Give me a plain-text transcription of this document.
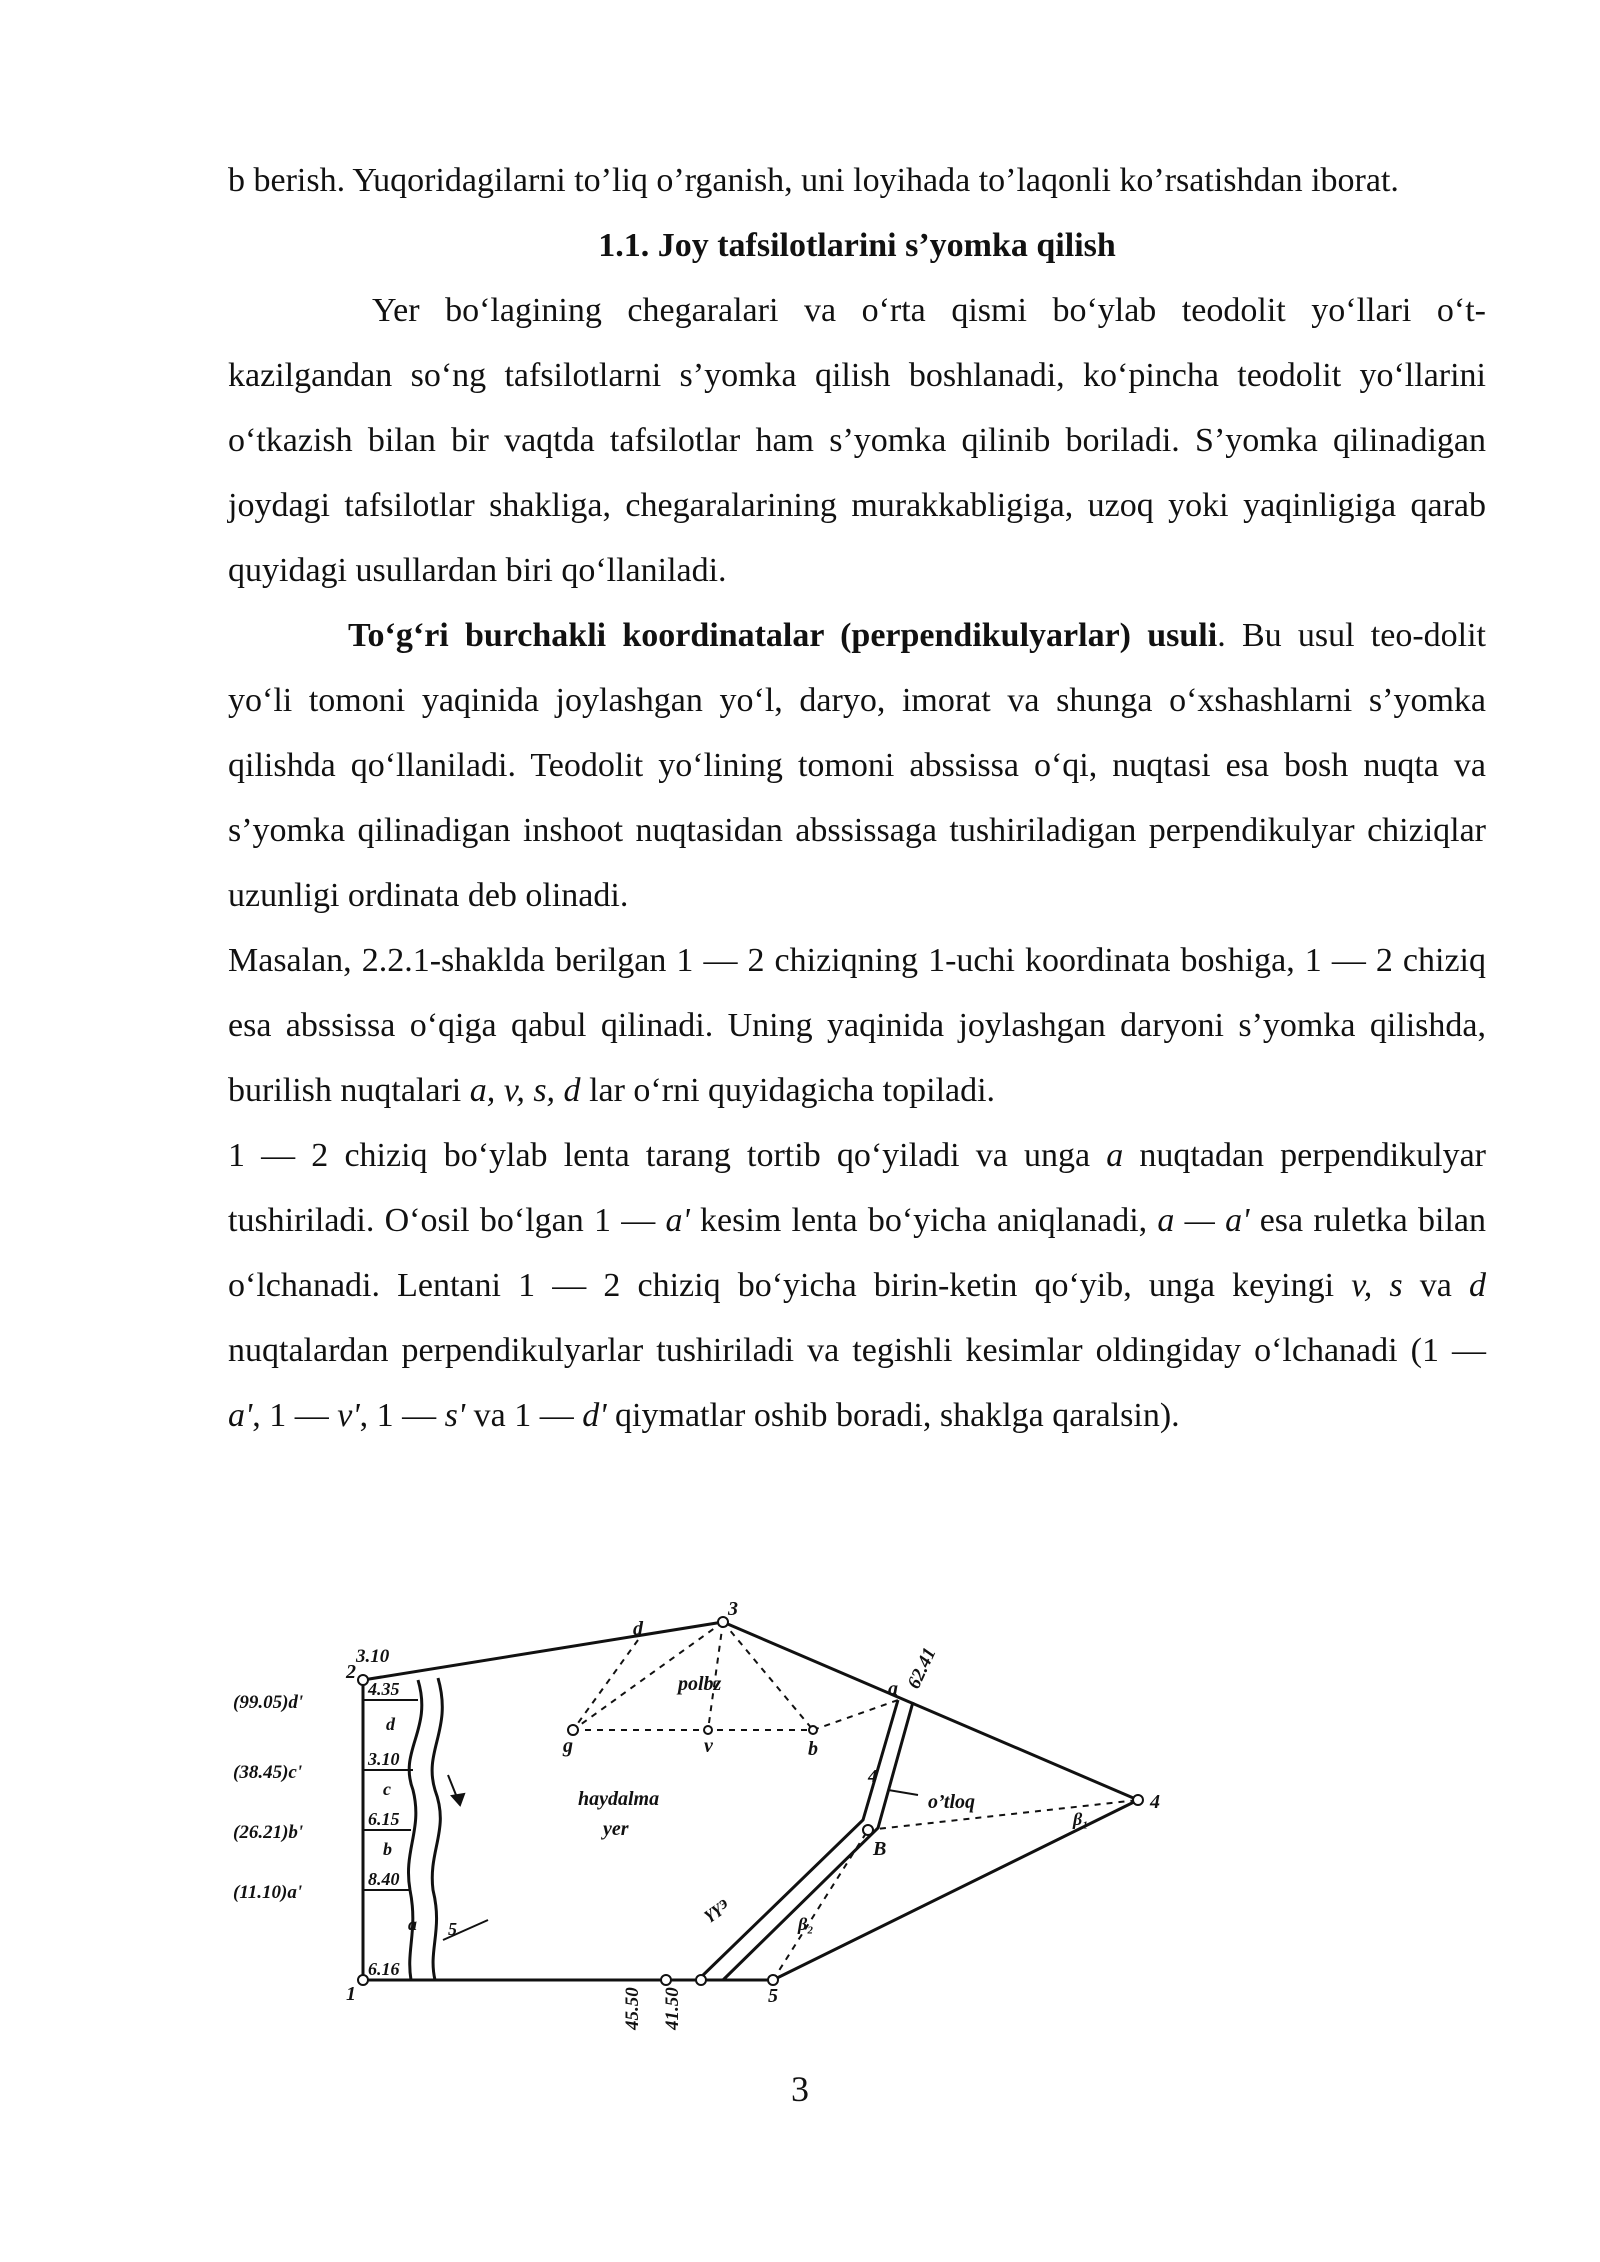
b berish. Yuqoridagilarni to’liq o’rganish, uni loyihada to’laqonli ko’rsatishdan iborat.

1.1. Joy tafsilotlarini s’yomka qilish

Yer bo‘lagining chegaralari va o‘rta qismi bo‘ylab teodolit yo‘llari o‘t-kazilgandan so‘ng tafsilotlarni s’yomka qilish boshlanadi, ko‘pincha teodolit yo‘llarini o‘tkazish bilan bir vaqtda tafsilotlar ham s’yomka qilinib boriladi. S’yomka qilinadigan joydagi tafsilotlar shakliga, chegaralarining murakkabligiga, uzoq yoki yaqinligiga qarab quyidagi usullardan biri qo‘llaniladi.

To‘g‘ri burchakli koordinatalar (perpendikulyarlar) usuli. Bu usul teo-dolit yo‘li tomoni yaqinida joylashgan yo‘l, daryo, imorat va shunga o‘xshashlarni s’yomka qilishda qo‘llaniladi. Teodolit yo‘lining tomoni abssissa o‘qi, nuqtasi esa bosh nuqta va s’yomka qilinadigan inshoot nuqtasidan abssissaga tushiriladigan perpendikulyar chiziqlar uzunligi ordinata deb olinadi.

Masalan, 2.2.1-shaklda berilgan 1 — 2 chiziqning 1-uchi koordinata boshiga, 1 — 2 chiziq esa abssissa o‘qiga qabul qilinadi. Uning yaqinida joylashgan daryoni s’yomka qilishda, burilish nuqtalari a, v, s, d lar o‘rni quyidagicha topiladi.

1 — 2 chiziq bo‘ylab lenta tarang tortib qo‘yiladi va unga a nuqtadan perpendikulyar tushiriladi. O‘osil bo‘lgan 1 — a' kesim lenta bo‘yicha aniqlanadi, a — a' esa ruletka bilan o‘lchanadi. Lentani 1 — 2 chiziq bo‘yicha birin-ketin qo‘yib, unga keyingi v, s va d nuqtalardan perpendikulyarlar tushiriladi va tegishli kesimlar oldingiday o‘lchanadi (1 — a', 1 — v', 1 — s' va 1 — d' qiymatlar oshib boradi, shaklga qaralsin).

2
1
3
4
5
a
b
d
g	v
B
(99.05)d'
(38.45)c'
(26.21)b'
(11.10)a'
3.10
4.35
3.10
6.15
8.40
6.16
d
c
b
a
haydalma
yer
polbz
o’tloq
үүэ
62.41
45.50 41.50
4
5
β₁
β₂
3
